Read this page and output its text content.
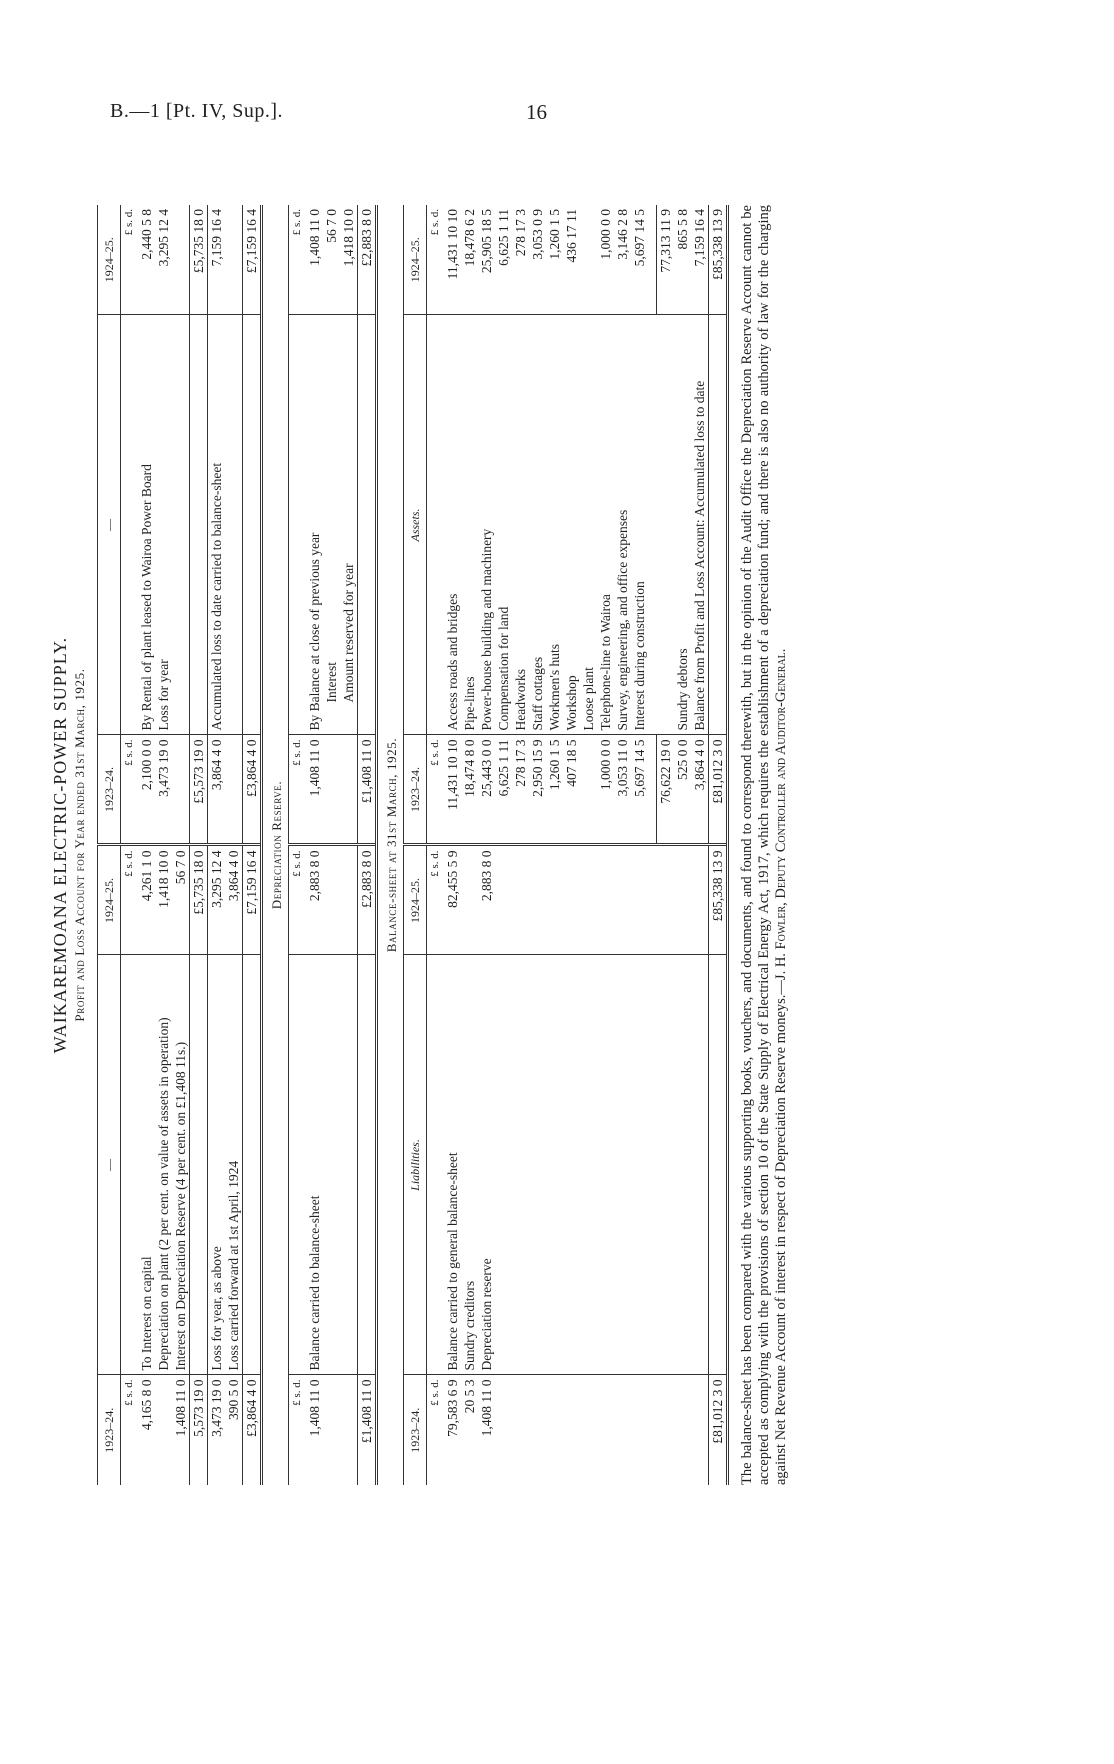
B.—1 [Pt. IV, Sup.].	16
WAIKAREMOANA ELECTRIC-POWER SUPPLY. Profit and Loss Account for Year ended 31st March, 1925.
1923–24.	—	1924–25.	1923–24.	—	1924–25.
£ s. d.		£ s. d.	£ s. d.		£ s. d.
4,165 8 0	To Interest on capital	4,261 1 0	2,100 0 0	By Rental of plant leased to Wairoa Power Board	2,440 5 8
	Depreciation on plant (2 per cent. on value of assets in operation)	1,418 10 0	3,473 19 0	Loss for year	3,295 12 4
1,408 11 0	Interest on Depreciation Reserve (4 per cent. on £1,408 11s.)	56 7 0			
5,573 19 0		£5,735 18 0	£5,573 19 0		£5,735 18 0
3,473 19 0	Loss for year, as above	3,295 12 4	3,864 4 0	Accumulated loss to date carried to balance-sheet	7,159 16 4
390 5 0	Loss carried forward at 1st April, 1924	3,864 4 0			
£3,864 4 0		£7,159 16 4	£3,864 4 0		£7,159 16 4
Depreciation Reserve.
£ s. d.		£ s. d.	£ s. d.		£ s. d.
1,408 11 0	Balance carried to balance-sheet	2,883 8 0	1,408 11 0	By Balance at close of previous year	1,408 11 0
				Interest	56 7 0
				Amount reserved for year	1,418 10 0
£1,408 11 0		£2,883 8 0	£1,408 11 0		£2,883 8 0
Balance-sheet at 31st March, 1925.
1923–24.	Liabilities.	1924–25.	1923–24.	Assets.	1924–25.
£ s. d.		£ s. d.	£ s. d.		£ s. d.
79,583 6 9	Balance carried to general balance-sheet	82,455 5 9	11,431 10 10	Access roads and bridges	11,431 10 10
20 5 3	Sundry creditors		18,474 8 0	Pipe-lines	18,478 6 2
1,408 11 0	Depreciation reserve	2,883 8 0	25,443 0 0	Power-house building and machinery	25,905 18 5
			6,625 1 11	Compensation for land	6,625 1 11
			278 17 3	Headworks	278 17 3
			2,950 15 9	Staff cottages	3,053 0 9
			1,260 1 5	Workmen's huts	1,260 1 5
			407 18 5	Workshop	436 17 11
				Loose plant	
			1,000 0 0	Telephone-line to Wairoa	1,000 0 0
			3,053 11 0	Survey, engineering, and office expenses	3,146 2 8
			5,697 14 5	Interest during construction	5,697 14 5

			76,622 19 0		77,313 11 9
			525 0 0	Sundry debtors	865 5 8
			3,864 4 0	Balance from Profit and Loss Account: Accumulated loss to date	7,159 16 4
£81,012 3 0		£85,338 13 9	£81,012 3 0		£85,338 13 9 The balance-sheet has been compared with the various supporting books, vouchers, and documents, and found to correspond therewith, but in the opinion of the Audit Office the Depreciation Reserve Account cannot be accepted as complying with the provisions of section 10 of the State Supply of Electrical Energy Act, 1917, which requires the establishment of a depreciation fund; and there is also no authority of law for the charging against Net Revenue Account of interest in respect of Depreciation Reserve moneys.—J. H. Fowler, Deputy Controller and Auditor-General.
